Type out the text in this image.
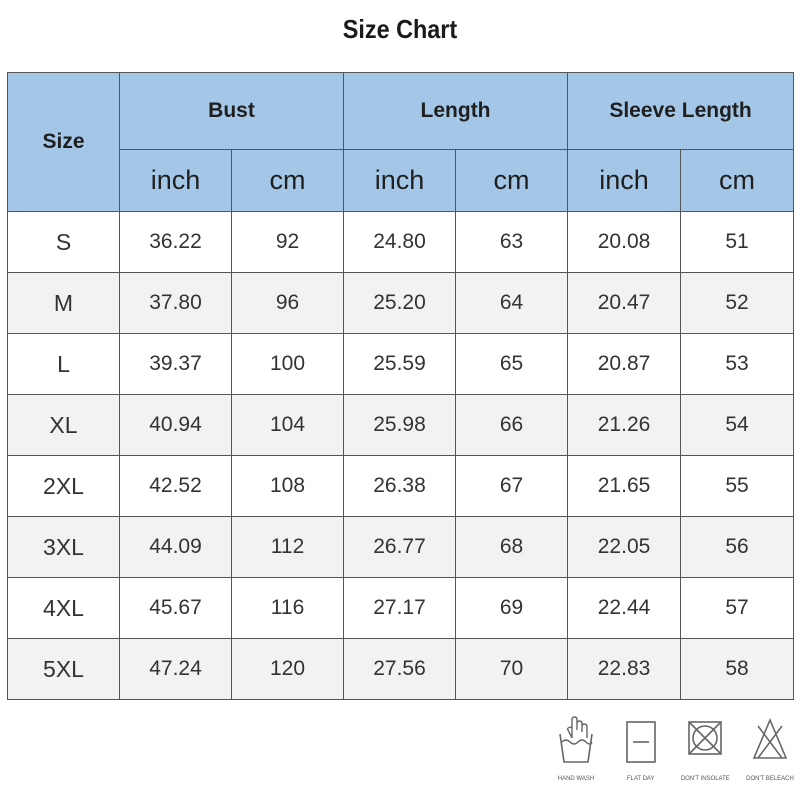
Size Chart
Size	Bust		Length		Sleeve Length	
	inch	cm	inch	cm	inch	cm
S	36.22	92	24.80	63	20.08	51
M	37.80	96	25.20	64	20.47	52
L	39.37	100	25.59	65	20.87	53
XL	40.94	104	25.98	66	21.26	54
2XL	42.52	108	26.38	67	21.65	55
3XL	44.09	112	26.77	68	22.05	56
4XL	45.67	116	27.17	69	22.44	57
5XL	47.24	120	27.56	70	22.83	58
HAND WASH	FLAT DAY	DON'T INSOLATE	DON'T BELEACH
